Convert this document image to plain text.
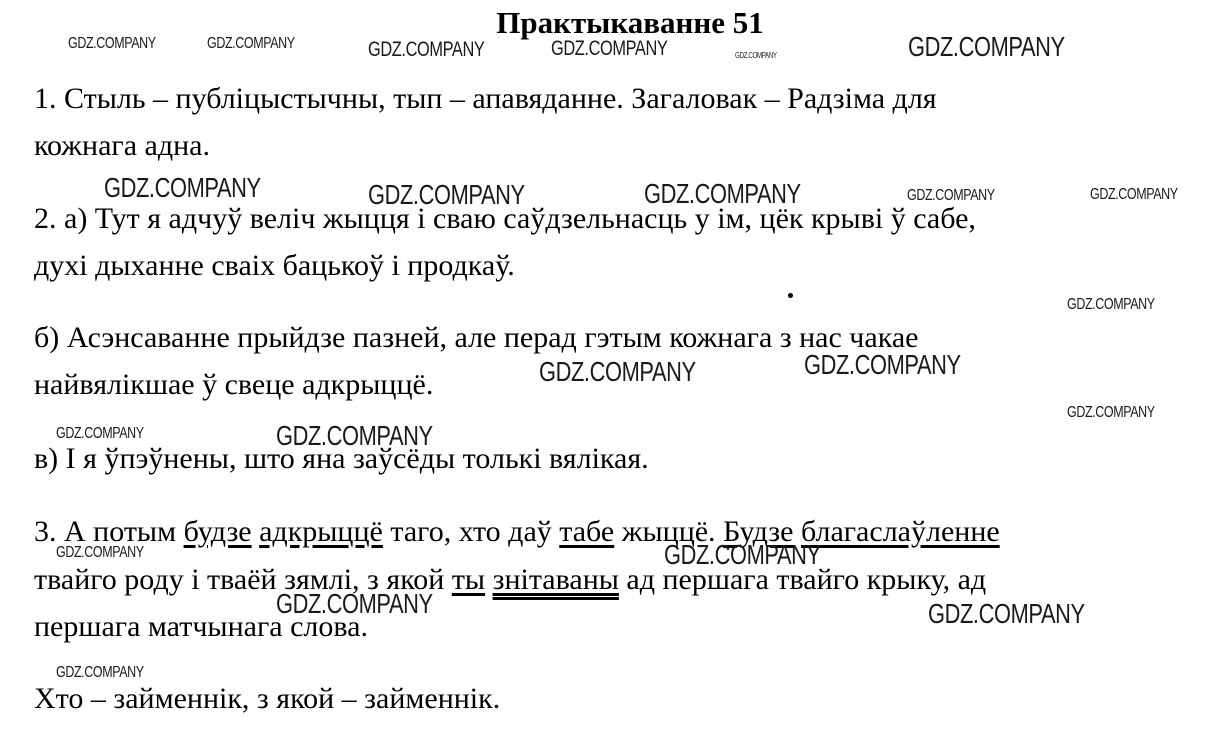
Практыкаванне 51
1. Стыль – публіцыстычны, тып – апавяданне. Загаловак – Радзіма для
кожнага адна.
2. а) Тут я адчуў веліч жыцця і сваю саўдзельнасць у ім, цёк крыві ў сабе,
духі дыханне сваіх бацькоў і продкаў.
б) Асэнсаванне прыйдзе пазней, але перад гэтым кожнага з нас чакае
найвялікшае ў свеце адкрыццё.
в) І я ўпэўнены, што яна заўсёды толькі вялікая.
3. А потым будзе адкрыццё таго, хто даў табе жыццё. Будзе благаслаўленне
твайго роду і тваёй зямлі, з якой ты знітаваны ад першага твайго крыку, ад
першага матчынага слова.
Хто – займеннік, з якой – займеннік.
GDZ.COMPANY	GDZ.COMPANY	GDZ.COMPANY	GDZ.COMPANY	GDZ.COMPANY	GDZ.COMPANY
GDZ.COMPANY	GDZ.COMPANY	GDZ.COMPANY	GDZ.COMPANY	GDZ.COMPANY
GDZ.COMPANY
GDZ.COMPANY	GDZ.COMPANY
GDZ.COMPANY
GDZ.COMPANY	GDZ.COMPANY
GDZ.COMPANY	GDZ.COMPANY
GDZ.COMPANY	GDZ.COMPANY
GDZ.COMPANY
